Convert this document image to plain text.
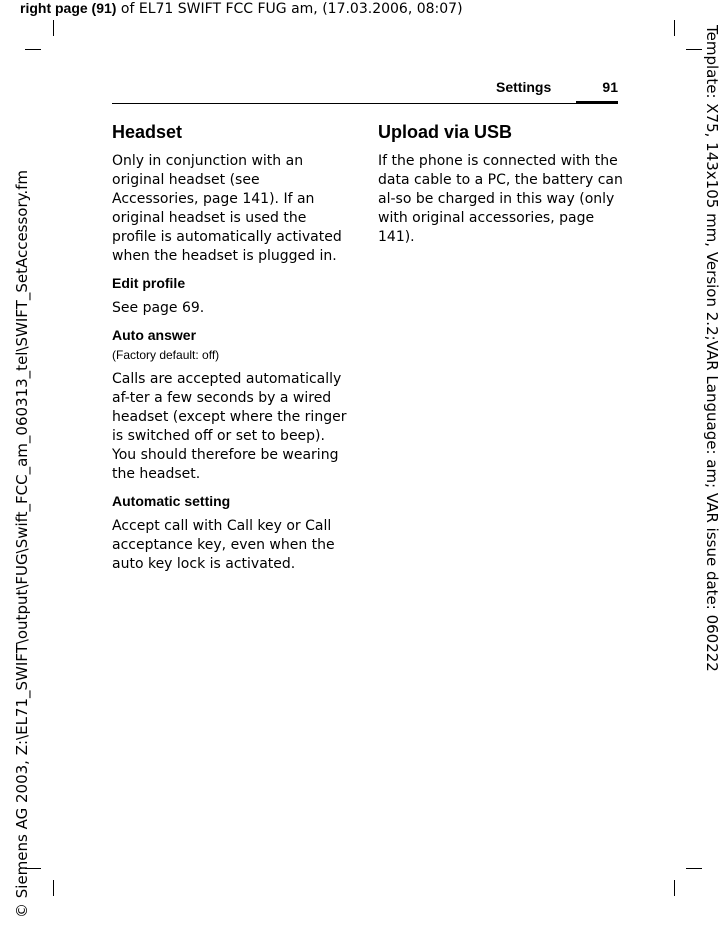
right page (91) of EL71 SWIFT FCC FUG am, (17.03.2006, 08:07)
Settings	91
Headset

Only in conjunction with an original headset (see Accessories, page 141). If an original headset is used the profile is automatically activated when the headset is plugged in.

Edit profile

See page 69.

Auto answer

(Factory default: off)

Calls are accepted automatically af-ter a few seconds by a wired headset (except where the ringer is switched off or set to beep). You should therefore be wearing the headset.

Automatic setting

Accept call with Call key or Call acceptance key, even when the auto key lock is activated.

Upload via USB

If the phone is connected with the data cable to a PC, the battery can al-so be charged in this way (only with original accessories, page 141).

© Siemens AG 2003, Z:\EL71_SWIFT\output\FUG\Swift_FCC_am_060313_tel\SWIFT_SetAccessory.fm	Template: X75, 143x105 mm, Version 2.2;VAR Language: am; VAR issue date: 060222
